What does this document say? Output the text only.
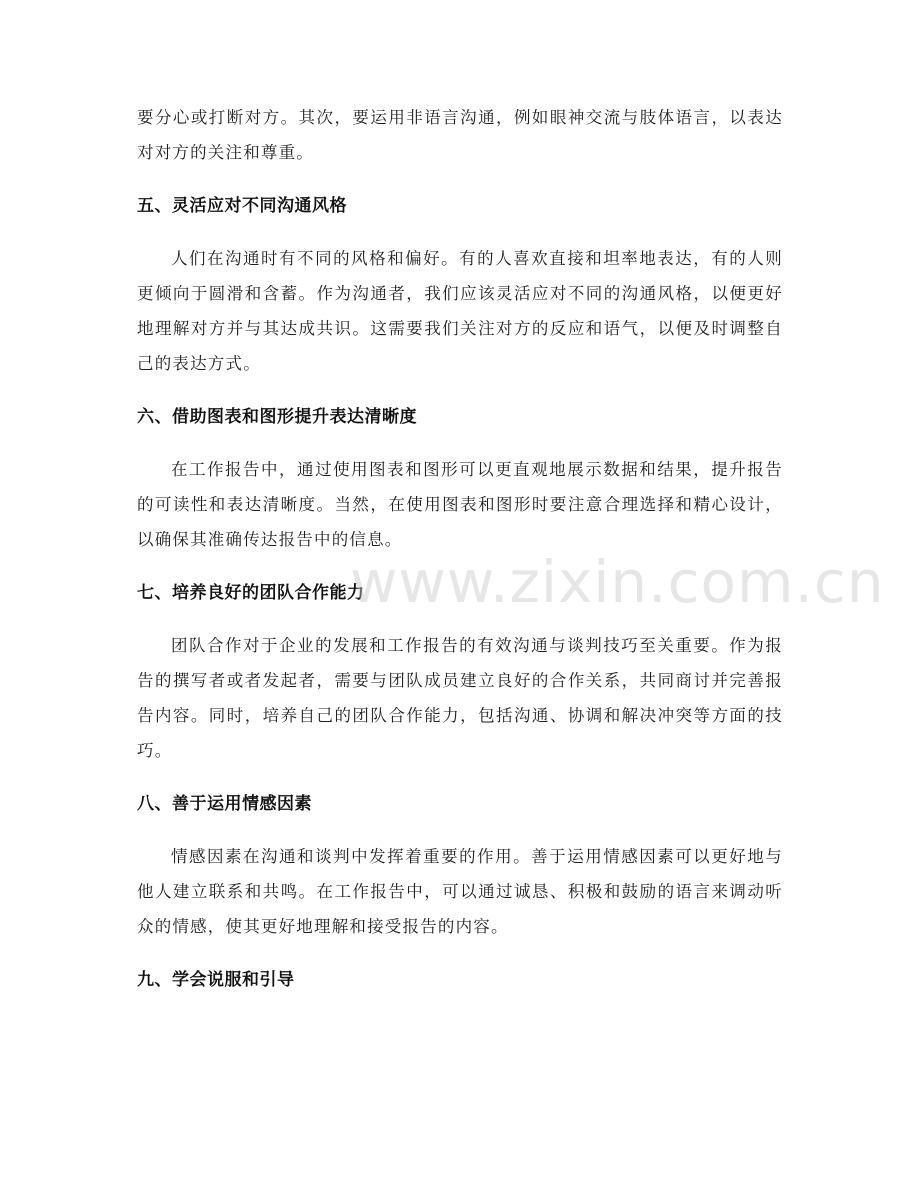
要分心或打断对方。其次，要运用非语言沟通，例如眼神交流与肢体语言，以表达对对方的关注和尊重。

五、灵活应对不同沟通风格

人们在沟通时有不同的风格和偏好。有的人喜欢直接和坦率地表达，有的人则更倾向于圆滑和含蓄。作为沟通者，我们应该灵活应对不同的沟通风格，以便更好地理解对方并与其达成共识。这需要我们关注对方的反应和语气，以便及时调整自己的表达方式。

六、借助图表和图形提升表达清晰度

在工作报告中，通过使用图表和图形可以更直观地展示数据和结果，提升报告的可读性和表达清晰度。当然，在使用图表和图形时要注意合理选择和精心设计，以确保其准确传达报告中的信息。

七、培养良好的团队合作能力

团队合作对于企业的发展和工作报告的有效沟通与谈判技巧至关重要。作为报告的撰写者或者发起者，需要与团队成员建立良好的合作关系，共同商讨并完善报告内容。同时，培养自己的团队合作能力，包括沟通、协调和解决冲突等方面的技巧。

八、善于运用情感因素

情感因素在沟通和谈判中发挥着重要的作用。善于运用情感因素可以更好地与他人建立联系和共鸣。在工作报告中，可以通过诚恳、积极和鼓励的语言来调动听众的情感，使其更好地理解和接受报告的内容。

九、学会说服和引导
www.zixin.com.cn
